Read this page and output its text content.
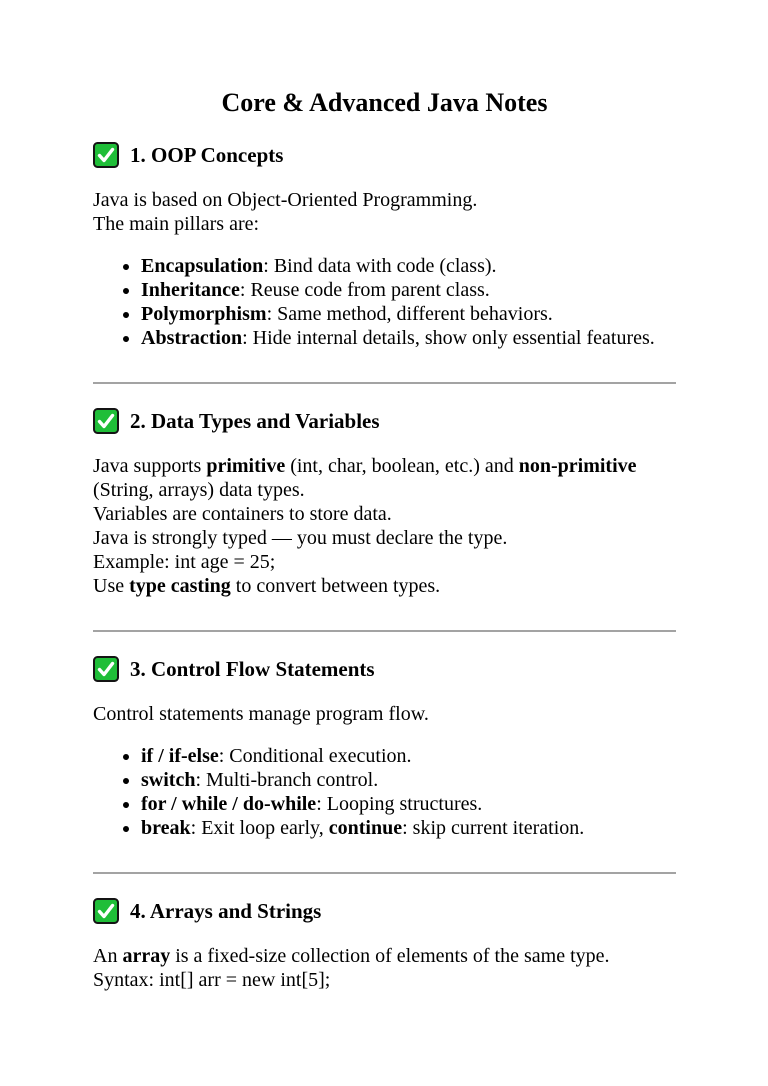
Core & Advanced Java Notes
1. OOP Concepts

Java is based on Object-Oriented Programming.
The main pillars are:

• Encapsulation: Bind data with code (class).
• Inheritance: Reuse code from parent class.
• Polymorphism: Same method, different behaviors.
• Abstraction: Hide internal details, show only essential features.
2. Data Types and Variables

Java supports primitive (int, char, boolean, etc.) and non-primitive (String, arrays) data types.
Variables are containers to store data.
Java is strongly typed — you must declare the type.
Example: int age = 25;
Use type casting to convert between types.

3. Control Flow Statements

Control statements manage program flow.

• if / if-else: Conditional execution.
• switch: Multi-branch control.
• for / while / do-while: Looping structures.
• break: Exit loop early, continue: skip current iteration.
4. Arrays and Strings

An array is a fixed-size collection of elements of the same type.
Syntax: int[] arr = new int[5];
